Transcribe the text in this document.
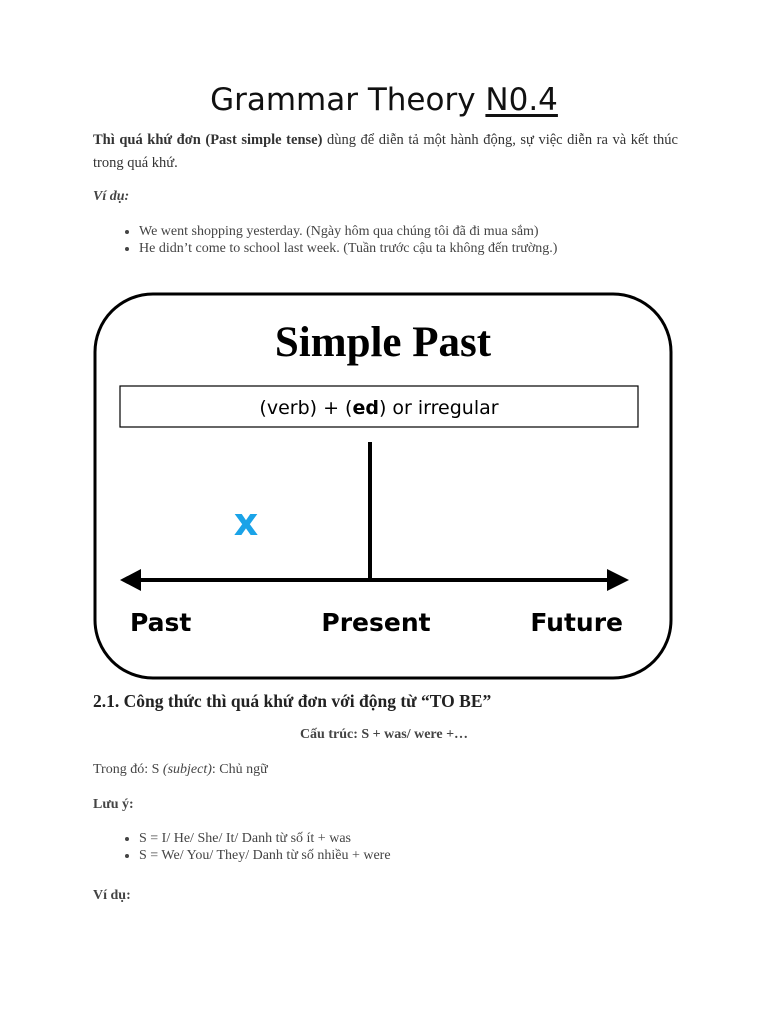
Grammar Theory N0.4
Thì quá khứ đơn (Past simple tense) dùng để diễn tả một hành động, sự việc diễn ra và kết thúc trong quá khứ.
Ví dụ:
• We went shopping yesterday. (Ngày hôm qua chúng tôi đã đi mua sắm)
• He didn’t come to school last week. (Tuần trước cậu ta không đến trường.)
Simple Past
(verb) + (ed) or irregular
x
Past	Present	Future
2.1. Công thức thì quá khứ đơn với động từ “TO BE”
Cấu trúc: S + was/ were +…
Trong đó: S (subject): Chủ ngữ
Lưu ý:
• S = I/ He/ She/ It/ Danh từ số ít + was
• S = We/ You/ They/ Danh từ số nhiều + were
Ví dụ:
